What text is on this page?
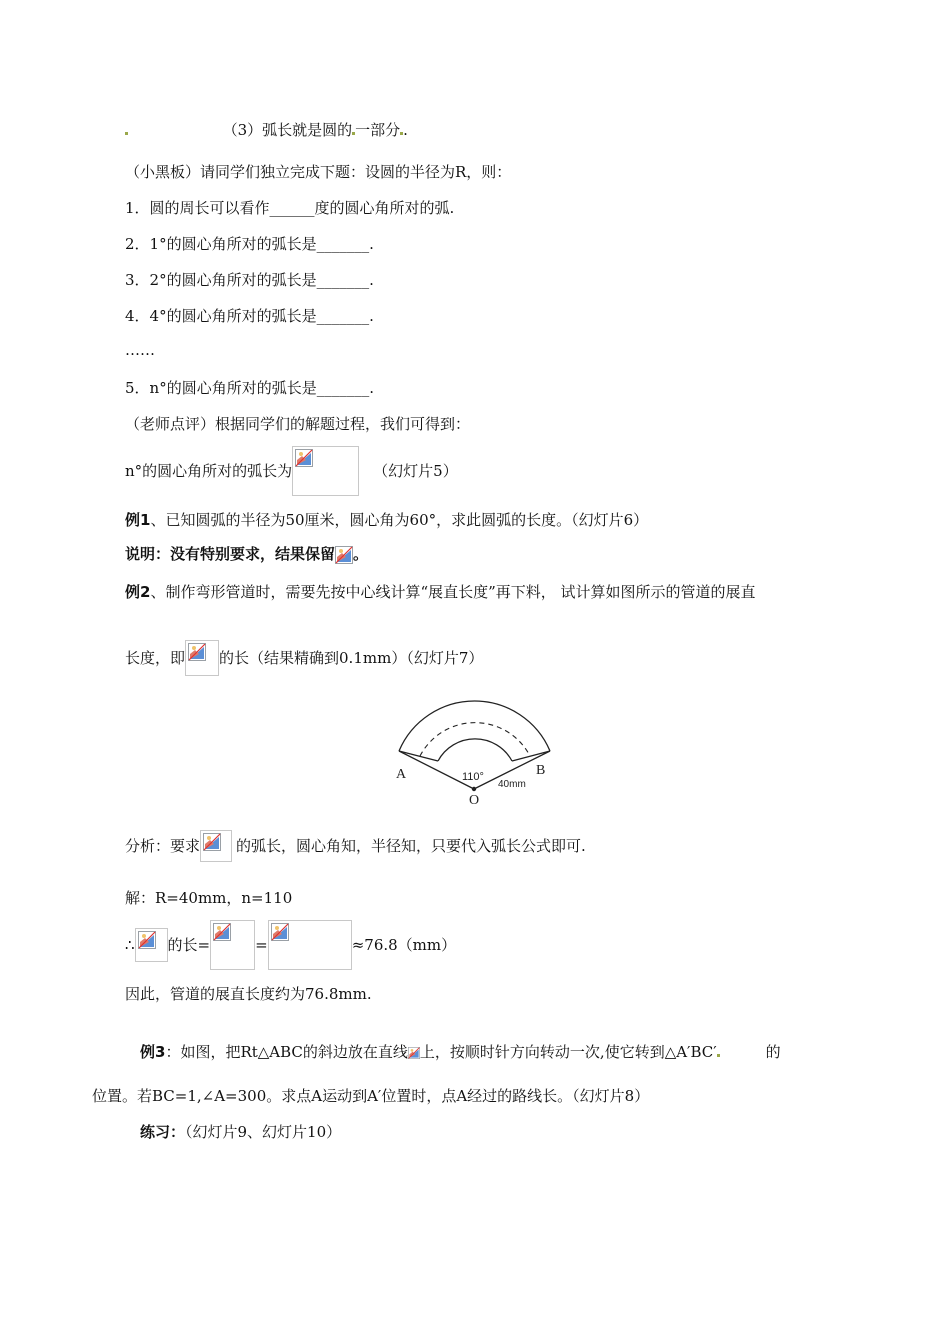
（3）弧长就是圆的 一部分 .
（小黑板）请同学们独立完成下题：设圆的半径为R，则：
1．圆的周长可以看作______度的圆心角所对的弧.
2．1°的圆心角所对的弧长是_______.
3．2°的圆心角所对的弧长是_______.
4．4°的圆心角所对的弧长是_______.
……
5．n°的圆心角所对的弧长是_______.
（老师点评）根据同学们的解题过程，我们可得到：
n°的圆心角所对的弧长为	（幻灯片5）
例1、已知圆弧的半径为50厘米，圆心角为60°，求此圆弧的长度。（幻灯片6）
说明：没有特别要求，结果保留 。
例2、制作弯形管道时，需要先按中心线计算“展直长度”再下料， 试计算如图所示的管道的展直
长度，即 的长（结果精确到0.1mm）（幻灯片7）
A	B
O
110°
40mm
分析：要求 的弧长，圆心角知，半径知，只要代入弧长公式即可.
解：R=40mm，n=110
∴ 的长=	=	≈76.8（mm）
因此，管道的展直长度约为76.8mm.
例3：如图，把Rt△ABC的斜边放在直线 上，按顺时针方向转动一次,使它转到△A′BC′	的
位置。若BC=1,∠A=300。求点A运动到A′位置时，点A经过的路线长。（幻灯片8）
练习：（幻灯片9、幻灯片10）
